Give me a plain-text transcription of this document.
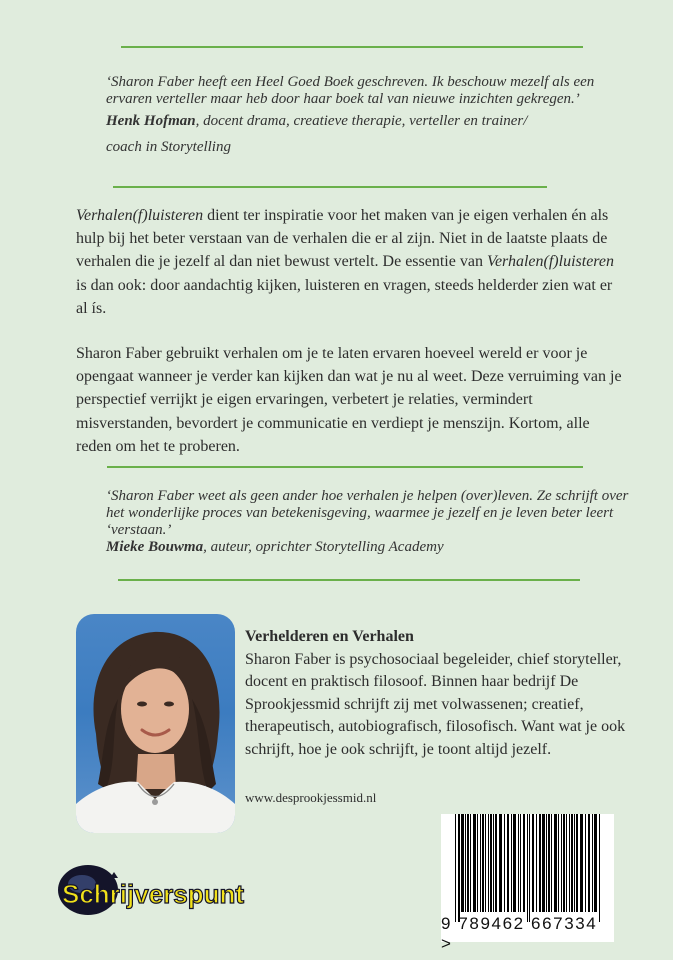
‘Sharon Faber heeft een Heel Goed Boek geschreven. Ik beschouw mezelf als een ervaren verteller maar heb door haar boek tal van nieuwe inzichten gekregen.’

Henk Hofman, docent drama, creatieve therapie, verteller en trainer/
coach in Storytelling
Verhalen(f)luisteren dient ter inspiratie voor het maken van je eigen verhalen én als hulp bij het beter verstaan van de verhalen die er al zijn. Niet in de laatste plaats de verhalen die je jezelf al dan niet bewust vertelt. De essentie van Verhalen(f)luisteren is dan ook: door aandachtig kijken, luisteren en vragen, steeds helderder zien wat er al ís.
Sharon Faber gebruikt verhalen om je te laten ervaren hoeveel wereld er voor je opengaat wanneer je verder kan kijken dan wat je nu al weet. Deze verruiming van je perspectief verrijkt je eigen ervaringen, verbetert je relaties, vermindert misverstanden, bevordert je communicatie en verdiept je menszijn. Kortom, alle reden om het te proberen.
‘Sharon Faber weet als geen ander hoe verhalen je helpen (over)leven. Ze schrijft over het wonderlijke proces van betekenisgeving, waarmee je jezelf en je leven beter leert ‘verstaan.’
Mieke Bouwma, auteur, oprichter Storytelling Academy
Verhelderen en Verhalen
Sharon Faber is psychosociaal begeleider, chief storyteller, docent en praktisch filosoof. Binnen haar bedrijf De Sprookjessmid schrijft zij met volwassenen; creatief, therapeutisch, autobiografisch, filosofisch. Want wat je ook schrijft, hoe je ook schrijft, je toont altijd jezelf.
www.desprookjessmid.nl
Schrijverspunt
9 789462 667334 >
